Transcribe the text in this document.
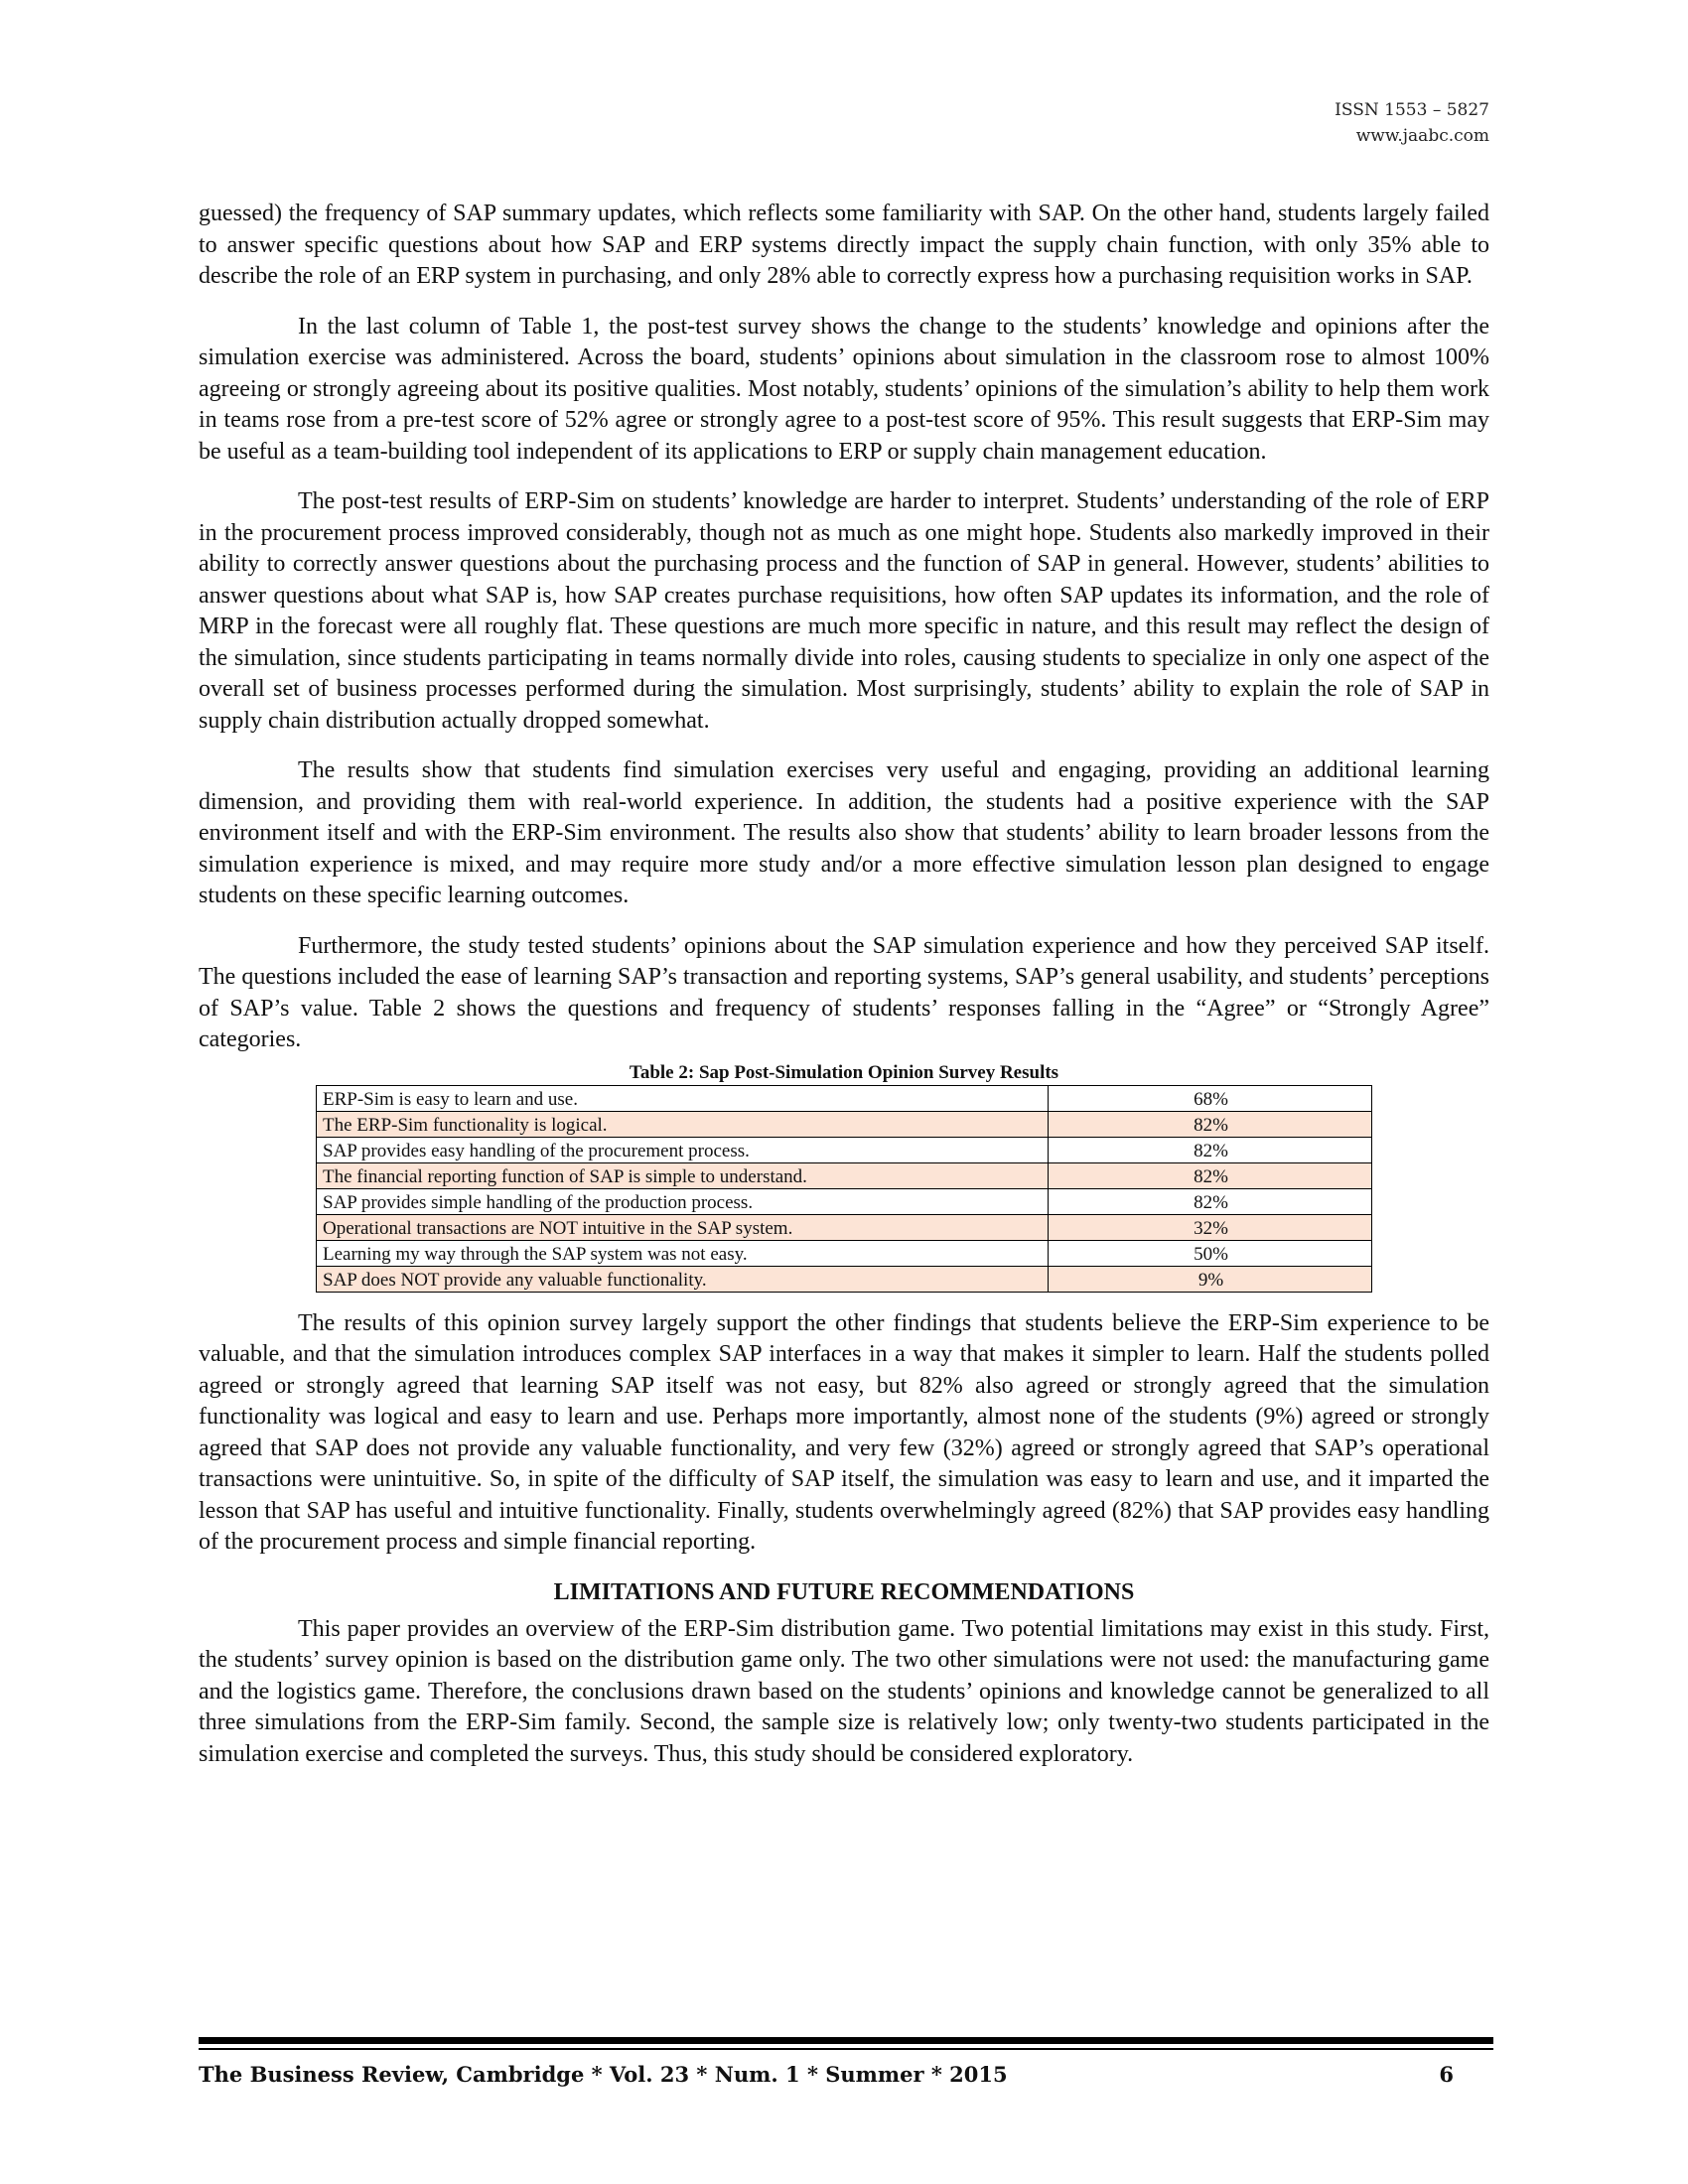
ISSN 1553 – 5827
www.jaabc.com

guessed) the frequency of SAP summary updates, which reflects some familiarity with SAP. On the other hand, students largely failed to answer specific questions about how SAP and ERP systems directly impact the supply chain function, with only 35% able to describe the role of an ERP system in purchasing, and only 28% able to correctly express how a purchasing requisition works in SAP.

In the last column of Table 1, the post-test survey shows the change to the students’ knowledge and opinions after the simulation exercise was administered. Across the board, students’ opinions about simulation in the classroom rose to almost 100% agreeing or strongly agreeing about its positive qualities. Most notably, students’ opinions of the simulation’s ability to help them work in teams rose from a pre-test score of 52% agree or strongly agree to a post-test score of 95%. This result suggests that ERP-Sim may be useful as a team-building tool independent of its applications to ERP or supply chain management education.

The post-test results of ERP-Sim on students’ knowledge are harder to interpret. Students’ understanding of the role of ERP in the procurement process improved considerably, though not as much as one might hope. Students also markedly improved in their ability to correctly answer questions about the purchasing process and the function of SAP in general. However, students’ abilities to answer questions about what SAP is, how SAP creates purchase requisitions, how often SAP updates its information, and the role of MRP in the forecast were all roughly flat. These questions are much more specific in nature, and this result may reflect the design of the simulation, since students participating in teams normally divide into roles, causing students to specialize in only one aspect of the overall set of business processes performed during the simulation. Most surprisingly, students’ ability to explain the role of SAP in supply chain distribution actually dropped somewhat.

The results show that students find simulation exercises very useful and engaging, providing an additional learning dimension, and providing them with real-world experience. In addition, the students had a positive experience with the SAP environment itself and with the ERP-Sim environment. The results also show that students’ ability to learn broader lessons from the simulation experience is mixed, and may require more study and/or a more effective simulation lesson plan designed to engage students on these specific learning outcomes.

Furthermore, the study tested students’ opinions about the SAP simulation experience and how they perceived SAP itself. The questions included the ease of learning SAP’s transaction and reporting systems, SAP’s general usability, and students’ perceptions of SAP’s value. Table 2 shows the questions and frequency of students’ responses falling in the “Agree” or “Strongly Agree” categories.

Table 2: Sap Post-Simulation Opinion Survey Results
ERP-Sim is easy to learn and use.	68%
The ERP-Sim functionality is logical.	82%
SAP provides easy handling of the procurement process.	82%
The financial reporting function of SAP is simple to understand.	82%
SAP provides simple handling of the production process.	82%
Operational transactions are NOT intuitive in the SAP system.	32%
Learning my way through the SAP system was not easy.	50%
SAP does NOT provide any valuable functionality.	9%

The results of this opinion survey largely support the other findings that students believe the ERP-Sim experience to be valuable, and that the simulation introduces complex SAP interfaces in a way that makes it simpler to learn. Half the students polled agreed or strongly agreed that learning SAP itself was not easy, but 82% also agreed or strongly agreed that the simulation functionality was logical and easy to learn and use. Perhaps more importantly, almost none of the students (9%) agreed or strongly agreed that SAP does not provide any valuable functionality, and very few (32%) agreed or strongly agreed that SAP’s operational transactions were unintuitive. So, in spite of the difficulty of SAP itself, the simulation was easy to learn and use, and it imparted the lesson that SAP has useful and intuitive functionality. Finally, students overwhelmingly agreed (82%) that SAP provides easy handling of the procurement process and simple financial reporting.

LIMITATIONS AND FUTURE RECOMMENDATIONS

This paper provides an overview of the ERP-Sim distribution game. Two potential limitations may exist in this study. First, the students’ survey opinion is based on the distribution game only. The two other simulations were not used: the manufacturing game and the logistics game. Therefore, the conclusions drawn based on the students’ opinions and knowledge cannot be generalized to all three simulations from the ERP-Sim family. Second, the sample size is relatively low; only twenty-two students participated in the simulation exercise and completed the surveys. Thus, this study should be considered exploratory.

The Business Review, Cambridge * Vol. 23 * Num. 1 * Summer * 2015	6
